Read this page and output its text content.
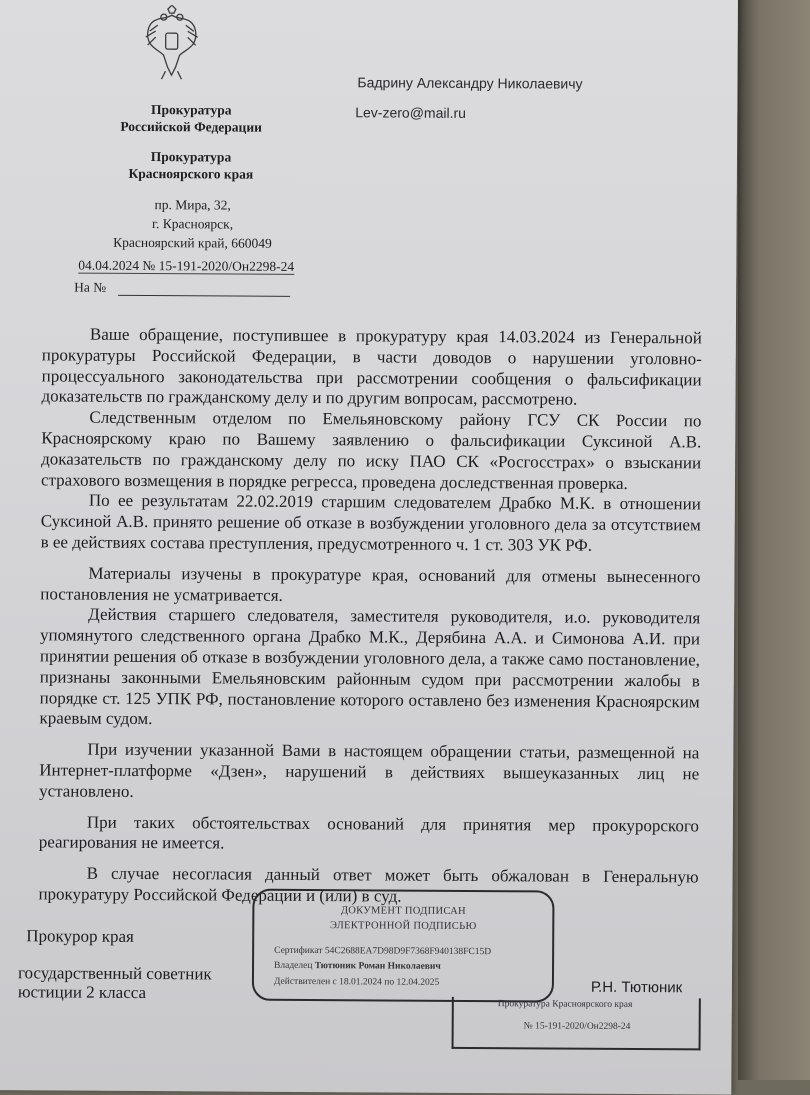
Прокуратура
Российской Федерации
Прокуратура
Красноярского края
пр. Мира, 32,
г. Красноярск,
Красноярский край, 660049
04.04.2024 № 15-191-2020/Он2298-24
На №
Бадрину Александру Николаевичу
Lev-zero@mail.ru

Ваше обращение, поступившее в прокуратуру края 14.03.2024 из Генеральной прокуратуры Российской Федерации, в части доводов о нарушении уголовно-процессуального законодательства при рассмотрении сообщения о фальсификации доказательств по гражданскому делу и по другим вопросам, рассмотрено.

Следственным отделом по Емельяновскому району ГСУ СК России по Красноярскому краю по Вашему заявлению о фальсификации Суксиной А.В. доказательств по гражданскому делу по иску ПАО СК «Росгосстрах» о взыскании страхового возмещения в порядке регресса, проведена доследственная проверка.

По ее результатам 22.02.2019 старшим следователем Драбко М.К. в отношении Суксиной А.В. принято решение об отказе в возбуждении уголовного дела за отсутствием в ее действиях состава преступления, предусмотренного ч. 1 ст. 303 УК РФ.

Материалы изучены в прокуратуре края, оснований для отмены вынесенного постановления не усматривается.

Действия старшего следователя, заместителя руководителя, и.о. руководителя упомянутого следственного органа Драбко М.К., Дерябина А.А. и Симонова А.И. при принятии решения об отказе в возбуждении уголовного дела, а также само постановление, признаны законными Емельяновским районным судом при рассмотрении жалобы в порядке ст. 125 УПК РФ, постановление которого оставлено без изменения Красноярским краевым судом.

При изучении указанной Вами в настоящем обращении статьи, размещенной на Интернет-платформе «Дзен», нарушений в действиях вышеуказанных лиц не установлено.

При таких обстоятельствах оснований для принятия мер прокурорского реагирования не имеется.

В случае несогласия данный ответ может быть обжалован в Генеральную прокуратуру Российской Федерации и (или) в суд.

Прокурор края
государственный советник
юстиции 2 класса
ДОКУМЕНТ ПОДПИСАН
ЭЛЕКТРОННОЙ ПОДПИСЬЮ
Сертификат 54С2688ЕА7D98D9F7368F940138FC15D
Владелец Тютюник Роман Николаевич
Действителен с 18.01.2024 по 12.04.2025	Р.Н. Тютюник
Прокуратура Красноярского края
№ 15-191-2020/Он2298-24
